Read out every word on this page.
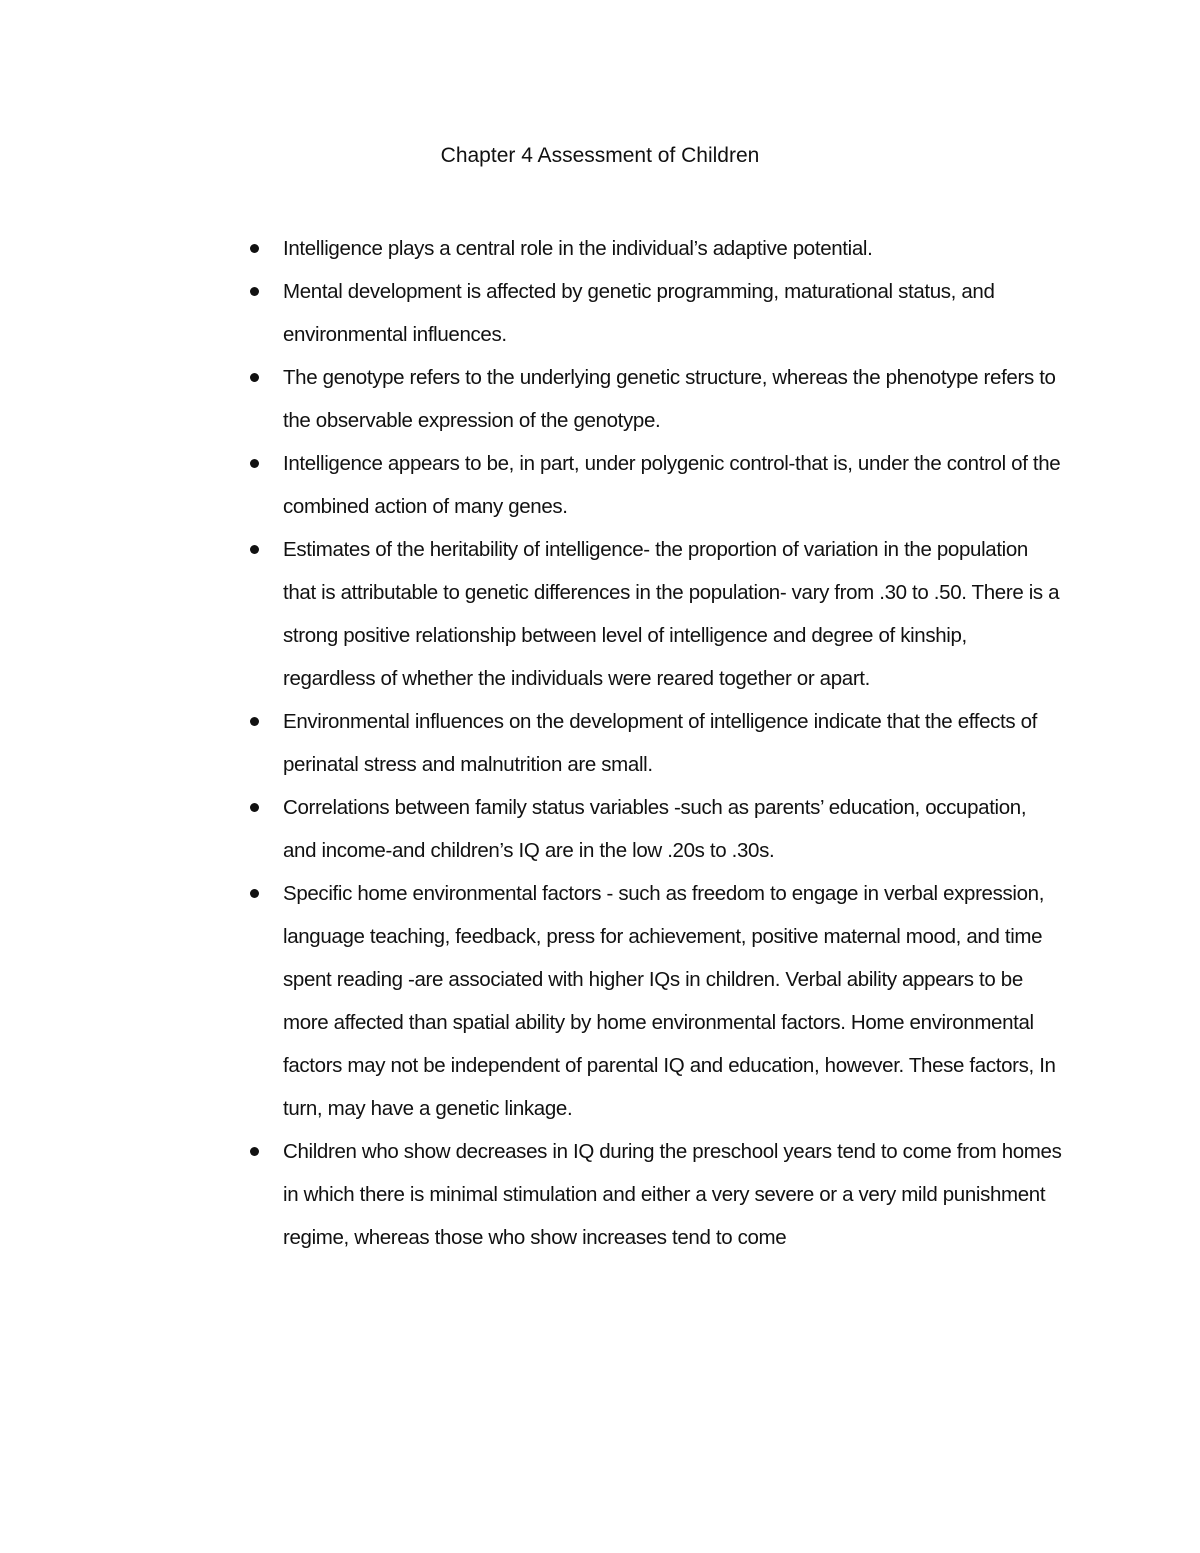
Chapter 4 Assessment of Children
Intelligence plays a central role in the individual’s adaptive potential.
Mental development is affected by genetic programming, maturational status, and environmental influences.
The genotype refers to the underlying genetic structure, whereas the phenotype refers to the observable expression of the genotype.
Intelligence appears to be, in part, under polygenic control-that is, under the control of the combined action of many genes.
Estimates of the heritability of intelligence- the proportion of variation in the population that is attributable to genetic differences in the population- vary from .30 to .50. There is a strong positive relationship between level of intelligence and degree of kinship, regardless of whether the individuals were reared together or apart.
Environmental influences on the development of intelligence indicate that the effects of perinatal stress and malnutrition are small.
Correlations between family status variables -such as parents’ education, occupation, and income-and children’s IQ are in the low .20s to .30s.
Specific home environmental factors - such as freedom to engage in verbal expression, language teaching, feedback, press for achievement, positive maternal mood, and time spent reading -are associated with higher IQs in children. Verbal ability appears to be more affected than spatial ability by home environmental factors. Home environmental factors may not be independent of parental IQ and education, however. These factors, In turn, may have a genetic linkage.
Children who show decreases in IQ during the preschool years tend to come from homes in which there is minimal stimulation and either a very severe or a very mild punishment regime, whereas those who show increases tend to come
